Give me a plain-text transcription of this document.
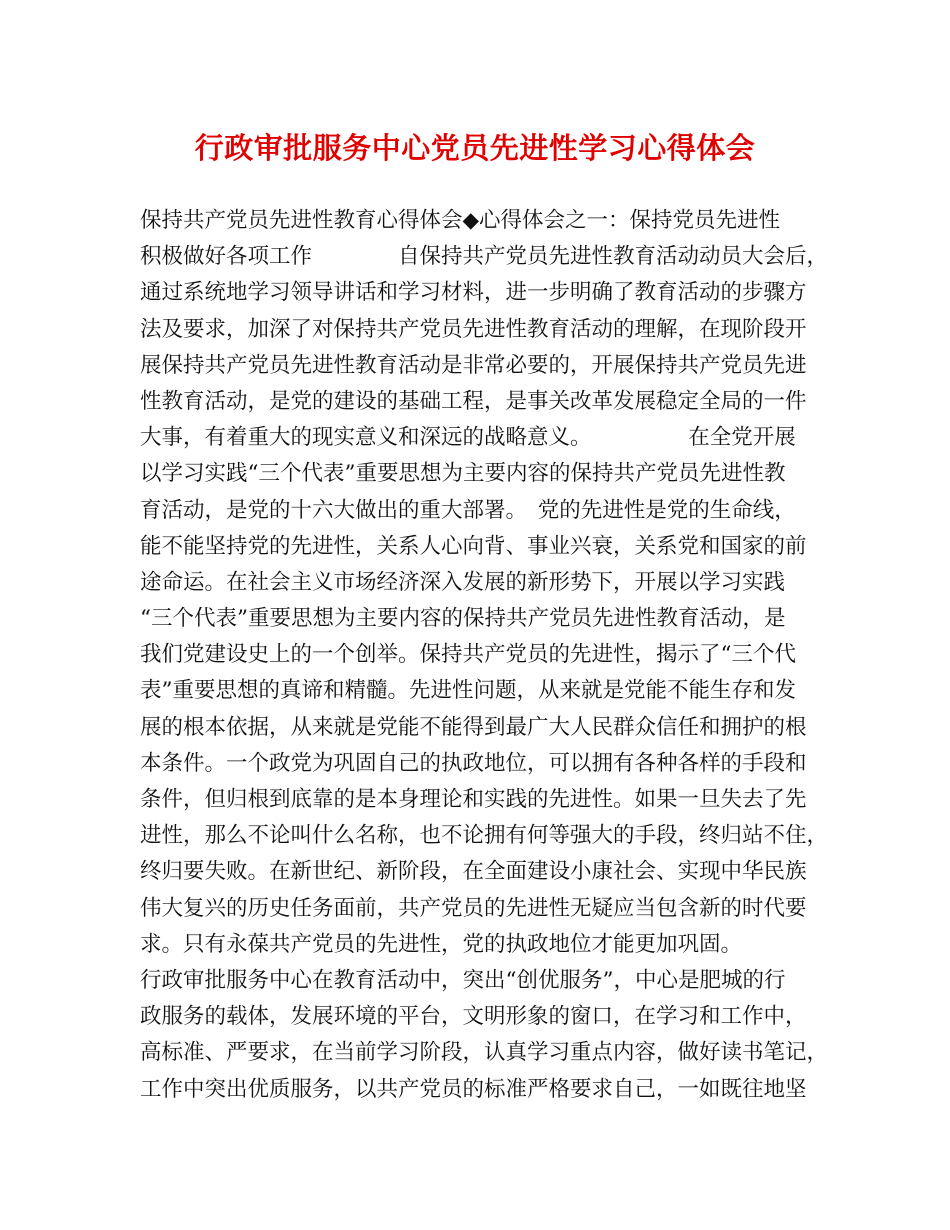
行政审批服务中心党员先进性学习心得体会
保持共产党员先进性教育心得体会◆心得体会之一：保持党员先进性
积极做好各项工作　　　　自保持共产党员先进性教育活动动员大会后，
通过系统地学习领导讲话和学习材料，进一步明确了教育活动的步骤方
法及要求，加深了对保持共产党员先进性教育活动的理解，在现阶段开
展保持共产党员先进性教育活动是非常必要的，开展保持共产党员先进
性教育活动，是党的建设的基础工程，是事关改革发展稳定全局的一件
大事，有着重大的现实意义和深远的战略意义。　　　　　在全党开展
以学习实践“三个代表”重要思想为主要内容的保持共产党员先进性教
育活动，是党的十六大做出的重大部署。　党的先进性是党的生命线，
能不能坚持党的先进性，关系人心向背、事业兴衰，关系党和国家的前
途命运。在社会主义市场经济深入发展的新形势下，开展以学习实践
“三个代表”重要思想为主要内容的保持共产党员先进性教育活动，是
我们党建设史上的一个创举。保持共产党员的先进性，揭示了“三个代
表”重要思想的真谛和精髓。先进性问题，从来就是党能不能生存和发
展的根本依据，从来就是党能不能得到最广大人民群众信任和拥护的根
本条件。一个政党为巩固自己的执政地位，可以拥有各种各样的手段和
条件，但归根到底靠的是本身理论和实践的先进性。如果一旦失去了先
进性，那么不论叫什么名称，也不论拥有何等强大的手段，终归站不住，
终归要失败。在新世纪、新阶段，在全面建设小康社会、实现中华民族
伟大复兴的历史任务面前，共产党员的先进性无疑应当包含新的时代要
求。只有永葆共产党员的先进性，党的执政地位才能更加巩固。
行政审批服务中心在教育活动中，突出“创优服务”，中心是肥城的行
政服务的载体，发展环境的平台，文明形象的窗口，在学习和工作中，
高标准、严要求，在当前学习阶段，认真学习重点内容，做好读书笔记，
工作中突出优质服务，以共产党员的标准严格要求自己，一如既往地坚
